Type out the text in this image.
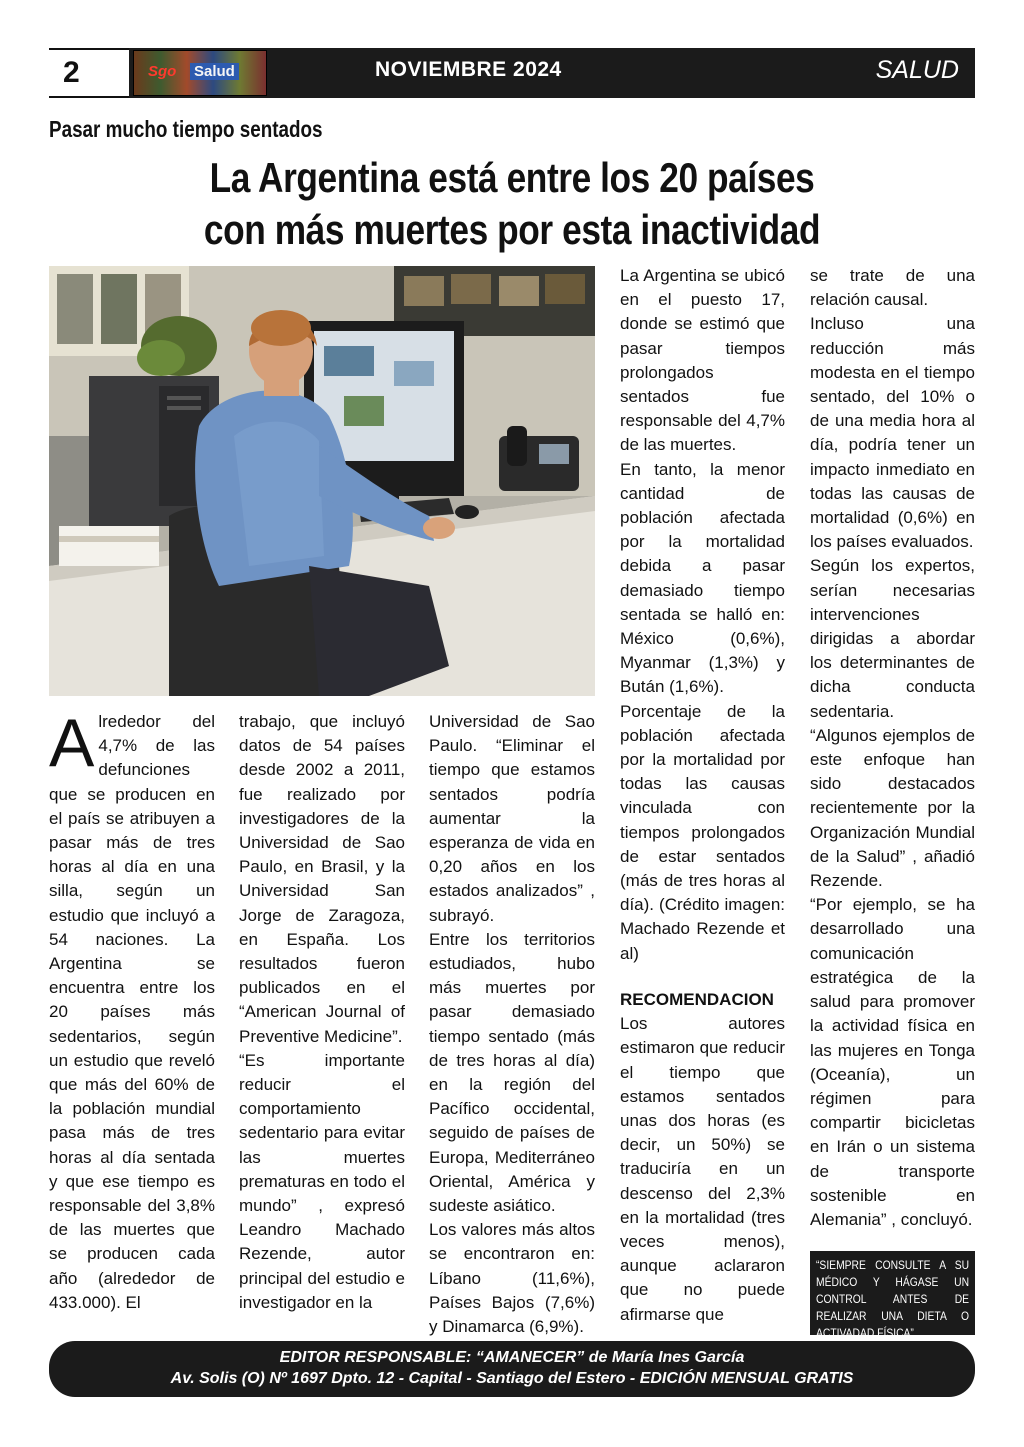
2	Sgo Salud	NOVIEMBRE 2024	SALUD
Pasar mucho tiempo sentados
La Argentina está entre los 20 países
con más muertes por esta inactividad

Alrededor del 4,7% de las defunciones que se producen en el país se atribuyen a pasar más de tres horas al día en una silla, según un estudio que incluyó a 54 naciones. La Argentina se encuentra entre los 20 países más sedentarios, según un estudio que reveló que más del 60% de la población mundial pasa más de tres horas al día sentada y que ese tiempo es responsable del 3,8% de las muertes que se producen cada año (alrededor de 433.000). El

trabajo, que incluyó datos de 54 países desde 2002 a 2011, fue realizado por investigadores de la Universidad de Sao Paulo, en Brasil, y la Universidad San Jorge de Zaragoza, en España. Los resultados fueron publicados en el “American Journal of Preventive Medicine”.

“Es importante reducir el comportamiento sedentario para evitar las muertes prematuras en todo el mundo” , expresó Leandro Machado Rezende, autor principal del estudio e investigador en la

Universidad de Sao Paulo. “Eliminar el tiempo que estamos sentados podría aumentar la esperanza de vida en 0,20 años en los estados analizados” , subrayó.

Entre los territorios estudiados, hubo más muertes por pasar demasiado tiempo sentado (más de tres horas al día) en la región del Pacífico occidental, seguido de países de Europa, Mediterráneo Oriental, América y sudeste asiático.

Los valores más altos se encontraron en: Líbano (11,6%), Países Bajos (7,6%) y Dinamarca (6,9%).

La Argentina se ubicó en el puesto 17, donde se estimó que pasar tiempos prolongados sentados fue responsable del 4,7% de las muertes.

En tanto, la menor cantidad de población afectada por la mortalidad debida a pasar demasiado tiempo sentada se halló en: México (0,6%), Myanmar (1,3%) y Bután (1,6%).

Porcentaje de la población afectada por la mortalidad por todas las causas vinculada con tiempos prolongados de estar sentados (más de tres horas al día). (Crédito imagen: Machado Rezende et al)

RECOMENDACION

Los autores estimaron que reducir el tiempo que estamos sentados unas dos horas (es decir, un 50%) se traduciría en un descenso del 2,3% en la mortalidad (tres veces menos), aunque aclararon que no puede afirmarse que

se trate de una relación causal.

Incluso una reducción más modesta en el tiempo sentado, del 10% o de una media hora al día, podría tener un impacto inmediato en todas las causas de mortalidad (0,6%) en los países evaluados.

Según los expertos, serían necesarias intervenciones dirigidas a abordar los determinantes de dicha conducta sedentaria.

“Algunos ejemplos de este enfoque han sido destacados recientemente por la Organización Mundial de la Salud” , añadió Rezende.

“Por ejemplo, se ha desarrollado una comunicación estratégica de la salud para promover la actividad física en las mujeres en Tonga (Oceanía), un régimen para compartir bicicletas en Irán o un sistema de transporte sostenible en Alemania” , concluyó.

“SIEMPRE CONSULTE A SU MÉDICO Y HÁGASE UN CONTROL ANTES DE REALIZAR UNA DIETA O ACTIVADAD FÍSICA”
EDITOR RESPONSABLE: “AMANECER” de María Ines García
Av. Solis (O) Nº 1697 Dpto. 12 - Capital - Santiago del Estero - EDICIÓN MENSUAL GRATIS
